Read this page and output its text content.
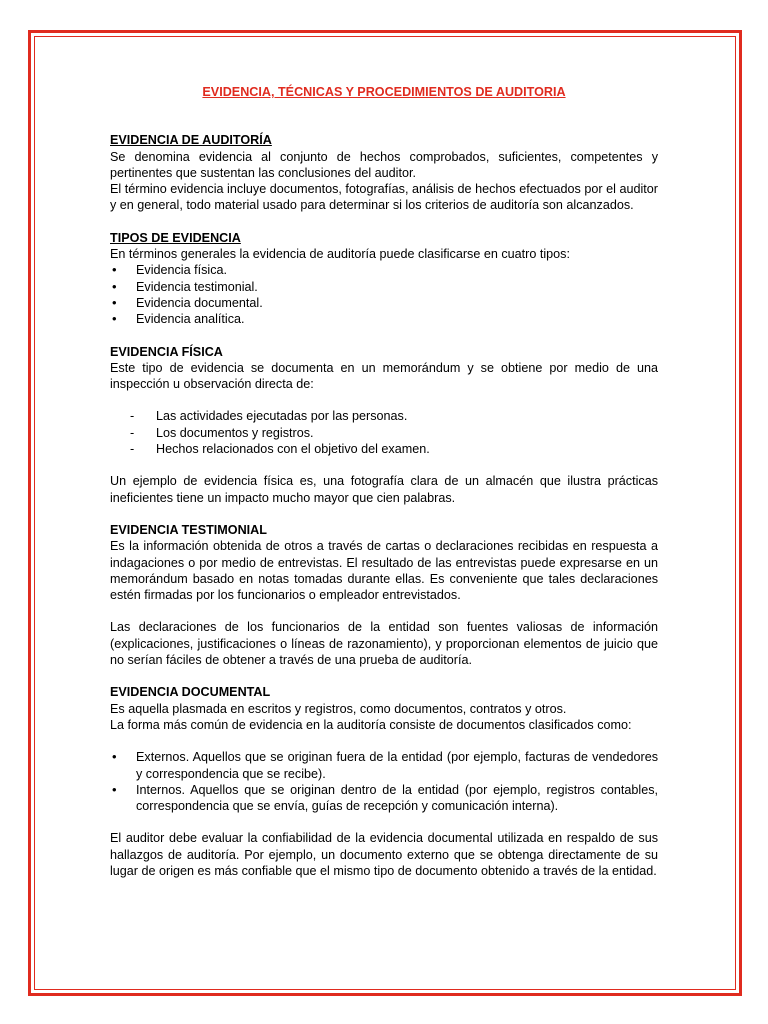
EVIDENCIA, TÉCNICAS Y PROCEDIMIENTOS DE AUDITORIA
EVIDENCIA DE AUDITORÍA

Se denomina evidencia al conjunto de hechos comprobados, suficientes, competentes y pertinentes que sustentan las conclusiones del auditor.

El término evidencia incluye documentos, fotografías, análisis de hechos efectuados por el auditor y en general, todo material usado para determinar si los criterios de auditoría son alcanzados.

TIPOS DE EVIDENCIA

En términos generales la evidencia de auditoría puede clasificarse en cuatro tipos:

• Evidencia física.
• Evidencia testimonial.
• Evidencia documental.
• Evidencia analítica.
EVIDENCIA FÍSICA

Este tipo de evidencia se documenta en un memorándum y se obtiene por medio de una inspección u observación directa de:

- Las actividades ejecutadas por las personas.
- Los documentos y registros.
- Hechos relacionados con el objetivo del examen.

Un ejemplo de evidencia física es, una fotografía clara de un almacén que ilustra prácticas ineficientes tiene un impacto mucho mayor que cien palabras.

EVIDENCIA TESTIMONIAL

Es la información obtenida de otros a través de cartas o declaraciones recibidas en respuesta a indagaciones o por medio de entrevistas. El resultado de las entrevistas puede expresarse en un memorándum basado en notas tomadas durante ellas. Es conveniente que tales declaraciones estén firmadas por los funcionarios o empleador entrevistados.

Las declaraciones de los funcionarios de la entidad son fuentes valiosas de información (explicaciones, justificaciones o líneas de razonamiento), y proporcionan elementos de juicio que no serían fáciles de obtener a través de una prueba de auditoría.

EVIDENCIA DOCUMENTAL

Es aquella plasmada en escritos y registros, como documentos, contratos y otros.

La forma más común de evidencia en la auditoría consiste de documentos clasificados como:

• Externos. Aquellos que se originan fuera de la entidad (por ejemplo, facturas de vendedores y correspondencia que se recibe).
• Internos. Aquellos que se originan dentro de la entidad (por ejemplo, registros contables, correspondencia que se envía, guías de recepción y comunicación interna).

El auditor debe evaluar la confiabilidad de la evidencia documental utilizada en respaldo de sus hallazgos de auditoría. Por ejemplo, un documento externo que se obtenga directamente de su lugar de origen es más confiable que el mismo tipo de documento obtenido a través de la entidad.
